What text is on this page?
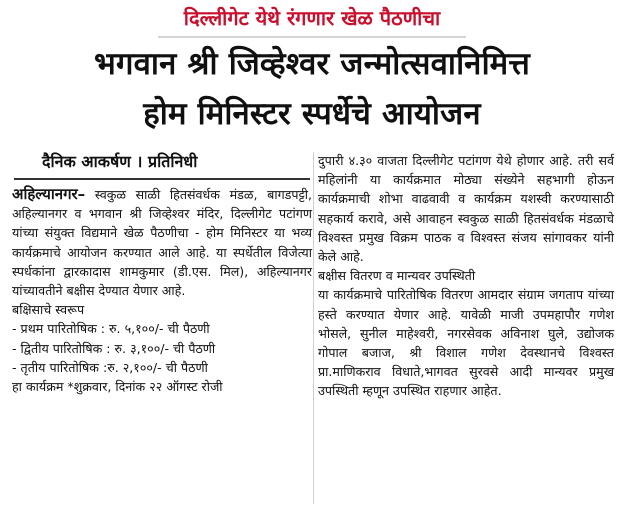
दिल्लीगेट येथे रंगणार खेळ पैठणीचा
भगवान श्री जिव्हेश्वर जन्मोत्सवानिमित्त
होम मिनिस्टर स्पर्धेचे आयोजन
दैनिक आकर्षण । प्रतिनिधी

अहिल्यानगर– स्वकुळ साळी हितसंवर्धक मंडळ, बागडपट्टी, अहिल्यानगर व भगवान श्री जिव्हेश्वर मंदिर, दिल्लीगेट पटांगण यांच्या संयुक्त विद्यमाने खेळ पैठणीचा - होम मिनिस्टर या भव्य कार्यक्रमाचे आयोजन करण्यात आले आहे. या स्पर्धेतील विजेत्या स्पर्धकांना द्वारकादास शामकुमार (डी.एस. मिल), अहिल्यानगर यांच्यावतीने बक्षीस देण्यात येणार आहे.

बक्षिसाचे स्वरूप

- प्रथम पारितोषिक : रु. ५,१००/- ची पैठणी
- द्वितीय पारितोषिक : रु. ३,१००/- ची पैठणी
- तृतीय पारितोषिक :रु. २,१००/- ची पैठणी

हा कार्यक्रम *शुक्रवार, दिनांक २२ ऑगस्ट रोजी

दुपारी ४.३० वाजता दिल्लीगेट पटांगण येथे होणार आहे. तरी सर्व महिलांनी या कार्यक्रमात मोठ्या संख्येने सहभागी होऊन कार्यक्रमाची शोभा वाढवावी व कार्यक्रम यशस्वी करण्यासाठी सहकार्य करावे, असे आवाहन स्वकुळ साळी हितसंवर्धक मंडळाचे विश्वस्त प्रमुख विक्रम पाठक व विश्वस्त संजय सांगावकर यांनी केले आहे.

बक्षीस वितरण व मान्यवर उपस्थिती

या कार्यक्रमाचे पारितोषिक वितरण आमदार संग्राम जगताप यांच्या हस्ते करण्यात येणार आहे. यावेळी माजी उपमहापौर गणेश भोसले, सुनील माहेश्वरी, नगरसेवक अविनाश घुले, उद्योजक गोपाल बजाज, श्री विशाल गणेश देवस्थानचे विश्वस्त प्रा.माणिकराव विधाते,भागवत सुरवसे आदी मान्यवर प्रमुख उपस्थिती म्हणून उपस्थित राहणार आहेत.
